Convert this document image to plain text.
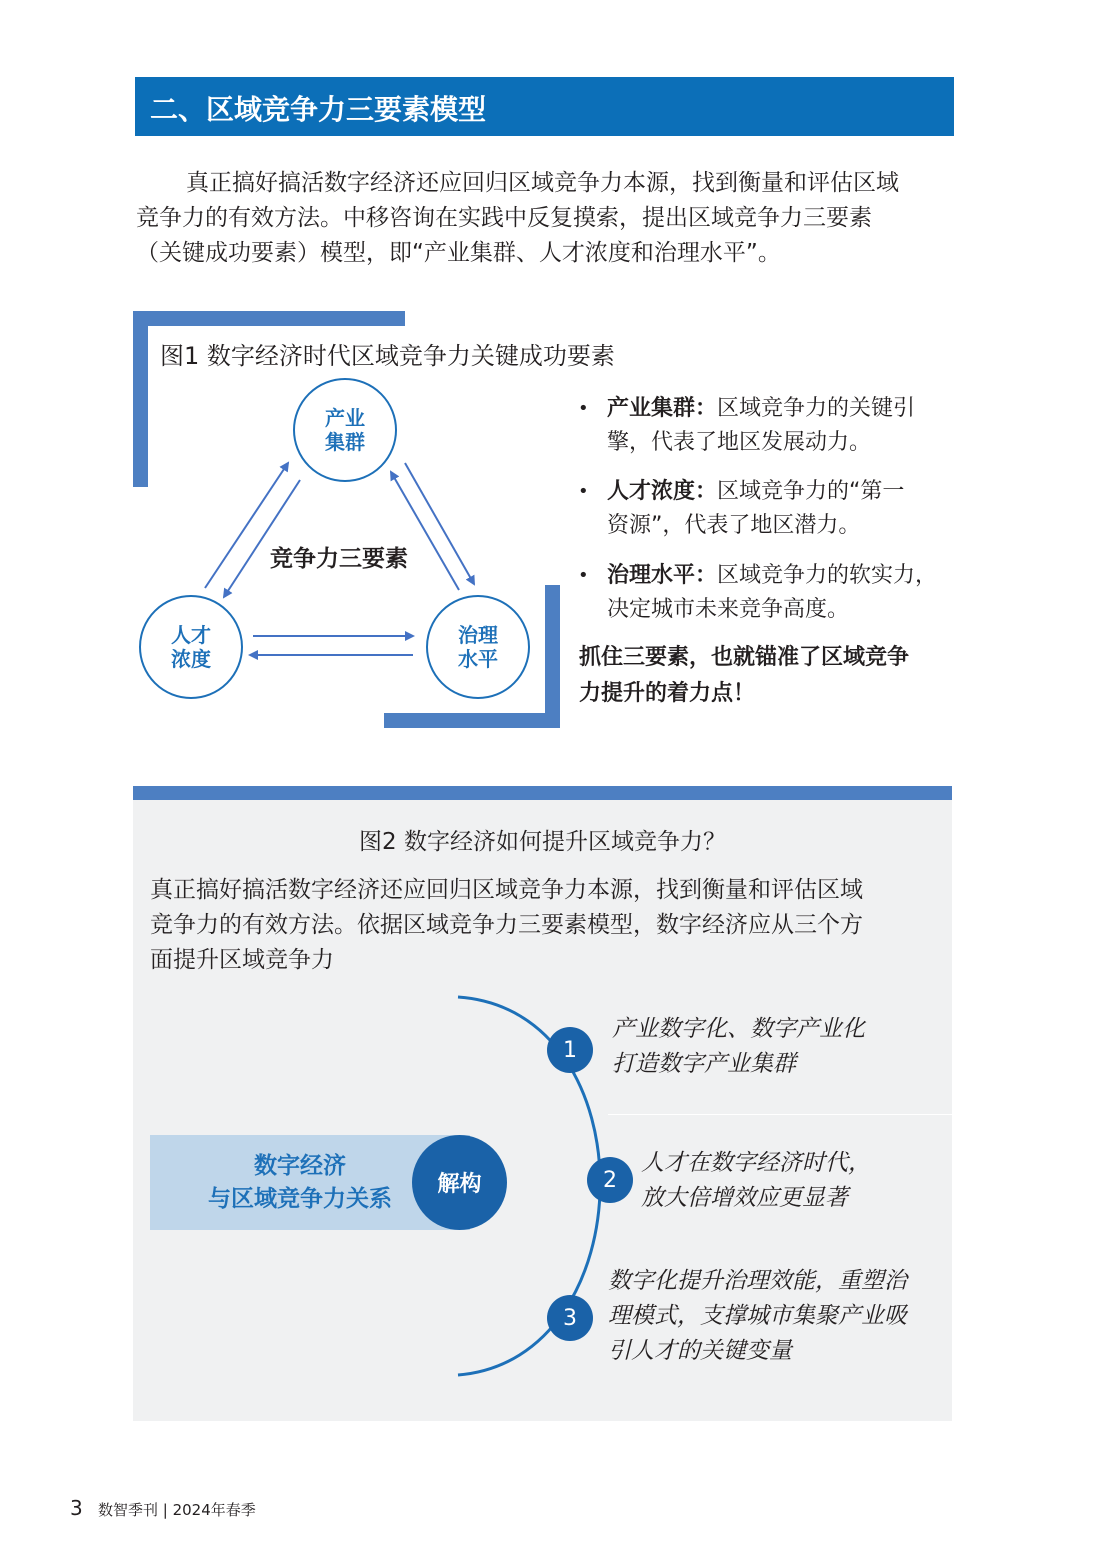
二、区域竞争力三要素模型
真正搞好搞活数字经济还应回归区域竞争力本源，找到衡量和评估区域
竞争力的有效方法。中移咨询在实践中反复摸索，提出区域竞争力三要素
（关键成功要素）模型，即“产业集群、人才浓度和治理水平”。
图1 数字经济时代区域竞争力关键成功要素
产业
集群
人才
浓度
治理
水平
竞争力三要素
• 产业集群：区域竞争力的关键引
擎，代表了地区发展动力。
• 人才浓度：区域竞争力的“第一
资源”，代表了地区潜力。
• 治理水平：区域竞争力的软实力，
决定城市未来竞争高度。
抓住三要素，也就锚准了区域竞争
力提升的着力点！
图2 数字经济如何提升区域竞争力？
真正搞好搞活数字经济还应回归区域竞争力本源，找到衡量和评估区域
竞争力的有效方法。依据区域竞争力三要素模型，数字经济应从三个方
面提升区域竞争力
数字经济
与区域竞争力关系
解构
1
产业数字化、数字产业化
打造数字产业集群
2
人才在数字经济时代，
放大倍增效应更显著
3
数字化提升治理效能，重塑治
理模式，支撑城市集聚产业吸
引人才的关键变量
3 数智季刊 | 2024年春季
